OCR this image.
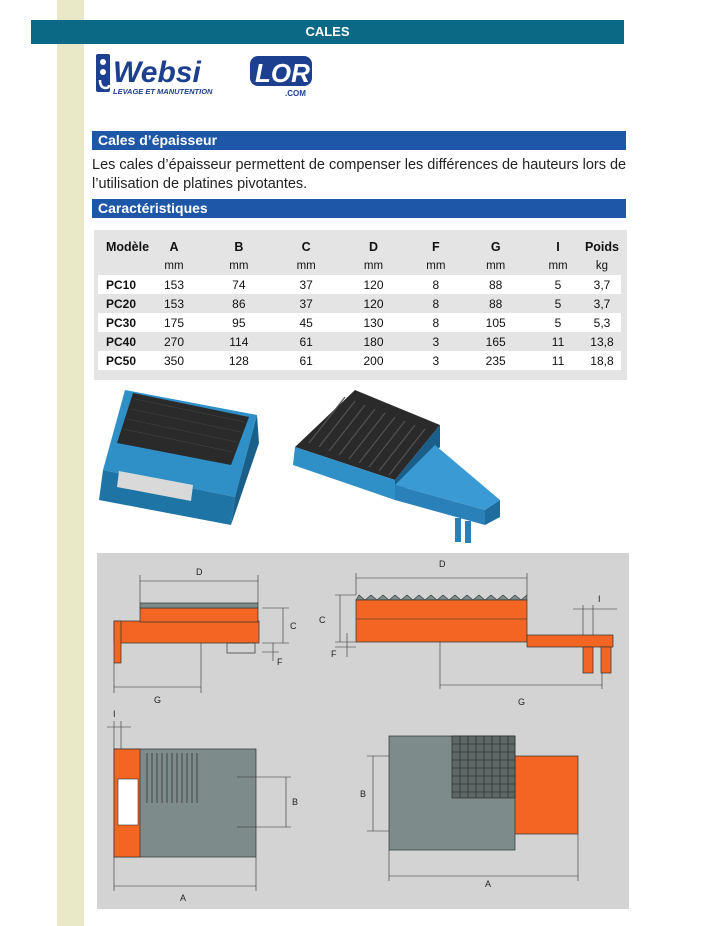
CALES
Websi
LEVAGE ET MANUTENTION
LOR
.COM
Cales d’épaisseur
Les cales d’épaisseur permettent de compenser les différences de hauteurs lors de l’utilisation de platines pivotantes.
Caractéristiques
Modèle	A	B	C	D	F	G	I	Poids
	mm	mm	mm	mm	mm	mm	mm	kg
PC10	153	74	37	120	8	88	5	3,7
PC20	153	86	37	120	8	88	5	3,7
PC30	175	95	45	130	8	105	5	5,3
PC40	270	114	61	180	3	165	11	13,8
PC50	350	128	61	200	3	235	11	18,8
D
C
F
G
D
C
F
I
G
I
B
A
B
A
